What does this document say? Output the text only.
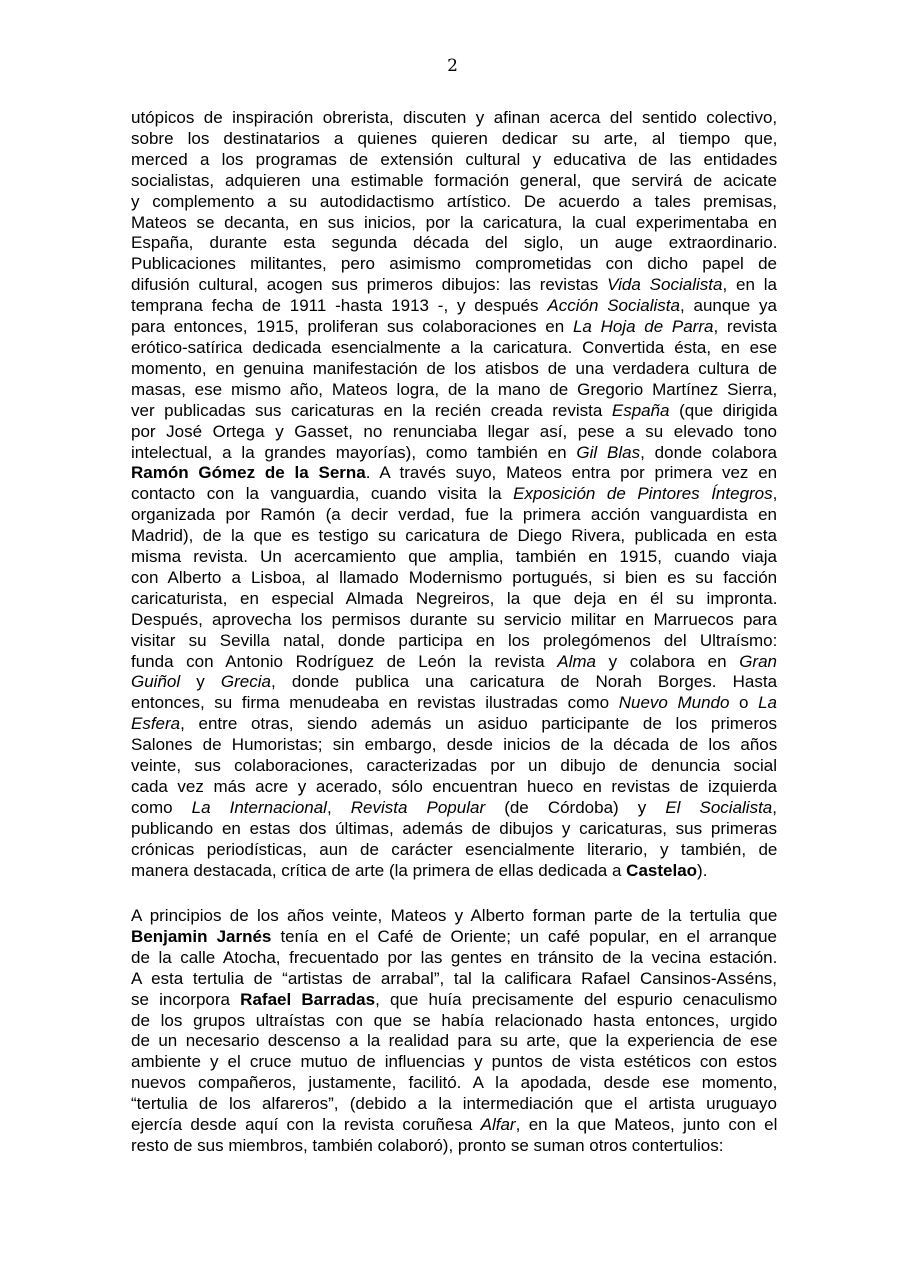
2
utópicos de inspiración obrerista, discuten y afinan acerca del sentido colectivo,
sobre los destinatarios a quienes quieren dedicar su arte, al tiempo que,
merced a los programas de extensión cultural y educativa de las entidades
socialistas, adquieren una estimable formación general, que servirá de acicate
y complemento a su autodidactismo artístico. De acuerdo a tales premisas,
Mateos se decanta, en sus inicios, por la caricatura, la cual experimentaba en
España, durante esta segunda década del siglo, un auge extraordinario.
Publicaciones militantes, pero asimismo comprometidas con dicho papel de
difusión cultural, acogen sus primeros dibujos: las revistas Vida Socialista, en la
temprana fecha de 1911 -hasta 1913 -, y después Acción Socialista, aunque ya
para entonces, 1915, proliferan sus colaboraciones en La Hoja de Parra, revista
erótico-satírica dedicada esencialmente a la caricatura. Convertida ésta, en ese
momento, en genuina manifestación de los atisbos de una verdadera cultura de
masas, ese mismo año, Mateos logra, de la mano de Gregorio Martínez Sierra,
ver publicadas sus caricaturas en la recién creada revista España (que dirigida
por José Ortega y Gasset, no renunciaba llegar así, pese a su elevado tono
intelectual, a la grandes mayorías), como también en Gil Blas, donde colabora
Ramón Gómez de la Serna. A través suyo, Mateos entra por primera vez en
contacto con la vanguardia, cuando visita la Exposición de Pintores Íntegros,
organizada por Ramón (a decir verdad, fue la primera acción vanguardista en
Madrid), de la que es testigo su caricatura de Diego Rivera, publicada en esta
misma revista. Un acercamiento que amplia, también en 1915, cuando viaja
con Alberto a Lisboa, al llamado Modernismo portugués, si bien es su facción
caricaturista, en especial Almada Negreiros, la que deja en él su impronta.
Después, aprovecha los permisos durante su servicio militar en Marruecos para
visitar su Sevilla natal, donde participa en los prolegómenos del Ultraísmo:
funda con Antonio Rodríguez de León la revista Alma y colabora en Gran
Guiñol y Grecia, donde publica una caricatura de Norah Borges. Hasta
entonces, su firma menudeaba en revistas ilustradas como Nuevo Mundo o La
Esfera, entre otras, siendo además un asiduo participante de los primeros
Salones de Humoristas; sin embargo, desde inicios de la década de los años
veinte, sus colaboraciones, caracterizadas por un dibujo de denuncia social
cada vez más acre y acerado, sólo encuentran hueco en revistas de izquierda
como La Internacional, Revista Popular (de Córdoba) y El Socialista,
publicando en estas dos últimas, además de dibujos y caricaturas, sus primeras
crónicas periodísticas, aun de carácter esencialmente literario, y también, de
manera destacada, crítica de arte (la primera de ellas dedicada a Castelao).
A principios de los años veinte, Mateos y Alberto forman parte de la tertulia que
Benjamin Jarnés tenía en el Café de Oriente; un café popular, en el arranque
de la calle Atocha, frecuentado por las gentes en tránsito de la vecina estación.
A esta tertulia de “artistas de arrabal”, tal la calificara Rafael Cansinos-Asséns,
se incorpora Rafael Barradas, que huía precisamente del espurio cenaculismo
de los grupos ultraístas con que se había relacionado hasta entonces, urgido
de un necesario descenso a la realidad para su arte, que la experiencia de ese
ambiente y el cruce mutuo de influencias y puntos de vista estéticos con estos
nuevos compañeros, justamente, facilitó. A la apodada, desde ese momento,
“tertulia de los alfareros”, (debido a la intermediación que el artista uruguayo
ejercía desde aquí con la revista coruñesa Alfar, en la que Mateos, junto con el
resto de sus miembros, también colaboró), pronto se suman otros contertulios:
